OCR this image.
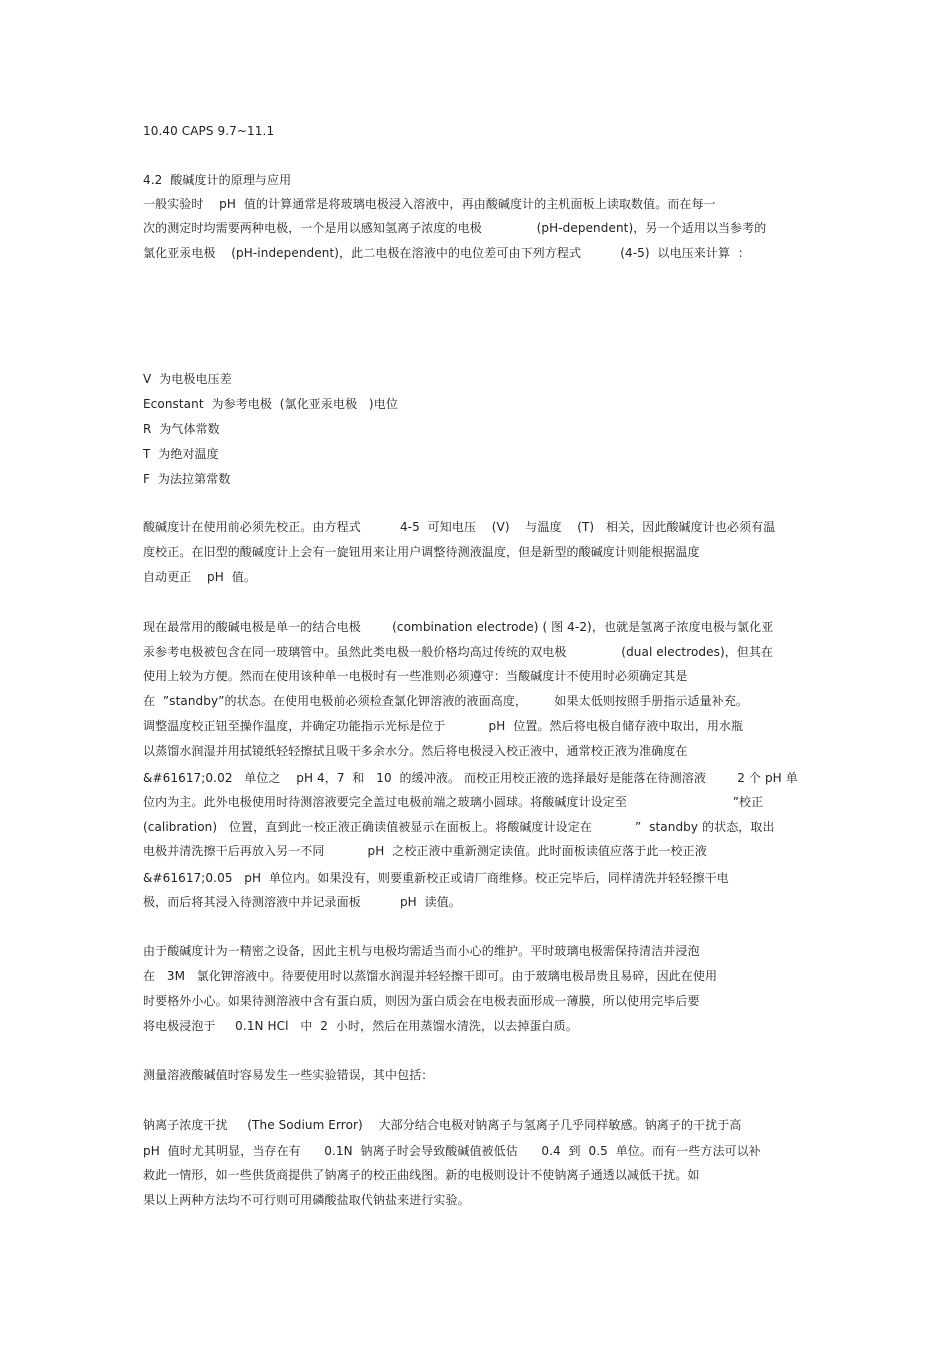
10.40 CAPS 9.7~11.1

4.2  酸碱度计的原理与应用

一般实验时    pH  值的计算通常是将玻璃电极浸入溶液中，再由酸碱度计的主机面板上读取数值。而在每一

次的测定时均需要两种电极，一个是用以感知氢离子浓度的电极              (pH-dependent)，另一个适用以当参考的

氯化亚汞电极    (pH-independent)，此二电极在溶液中的电位差可由下列方程式          (4-5)  以电压来计算  ：

V  为电极电压差

Econstant  为参考电极  (氯化亚汞电极   )电位

R  为气体常数

T  为绝对温度

F  为法拉第常数

酸碱度计在使用前必须先校正。由方程式          4-5  可知电压    (V)    与温度    (T)   相关，因此酸碱度计也必须有温

度校正。在旧型的酸碱度计上会有一旋钮用来让用户调整待测液温度，但是新型的酸碱度计则能根据温度

自动更正    pH  值。

现在最常用的酸碱电极是单一的结合电极        (combination electrode) ( 图 4-2)，也就是氢离子浓度电极与氯化亚

汞参考电极被包含在同一玻璃管中。虽然此类电极一般价格均高过传统的双电极              (dual electrodes)，但其在

使用上较为方便。然而在使用该种单一电极时有一些准则必须遵守：当酸碱度计不使用时必须确定其是

在  ”standby”的状态。在使用电极前必须检查氯化钾溶液的液面高度，       如果太低则按照手册指示适量补充。

调整温度校正钮至操作温度，并确定功能指示光标是位于           pH  位置。然后将电极自储存液中取出，用水瓶

以蒸馏水润湿并用拭镜纸轻轻擦拭且吸干多余水分。然后将电极浸入校正液中，通常校正液为准确度在

&#61617;0.02   单位之    pH 4，7  和   10  的缓冲液。 而校正用校正液的选择最好是能落在待测溶液        2 个 pH 单

位内为主。此外电极使用时待测溶液要完全盖过电极前端之玻璃小圆球。将酸碱度计设定至                           ”校正

(calibration)   位置，直到此一校正液正确读值被显示在面板上。将酸碱度计设定在           ”  standby 的状态，取出

电极并清洗擦干后再放入另一不同           pH  之校正液中重新测定读值。此时面板读值应落于此一校正液

&#61617;0.05   pH  单位内。如果没有，则要重新校正或请厂商维修。校正完毕后，同样清洗并轻轻擦干电

极，而后将其浸入待测溶液中并记录面板          pH  读值。

由于酸碱度计为一精密之设备，因此主机与电极均需适当而小心的维护。平时玻璃电极需保持清洁并浸泡

在   3M   氯化钾溶液中。待要使用时以蒸馏水润湿并轻轻擦干即可。由于玻璃电极昂贵且易碎，因此在使用

时要格外小心。如果待测溶液中含有蛋白质，则因为蛋白质会在电极表面形成一薄膜，所以使用完毕后要

将电极浸泡于     0.1N HCl   中  2  小时，然后在用蒸馏水清洗，以去掉蛋白质。

测量溶液酸碱值时容易发生一些实验错误，其中包括：

钠离子浓度干扰     (The Sodium Error)    大部分结合电极对钠离子与氢离子几乎同样敏感。钠离子的干扰于高

pH  值时尤其明显，当存在有      0.1N  钠离子时会导致酸碱值被低估      0.4  到  0.5  单位。而有一些方法可以补

救此一情形，如一些供货商提供了钠离子的校正曲线图。新的电极则设计不使钠离子通透以减低干扰。如

果以上两种方法均不可行则可用磷酸盐取代钠盐来进行实验。
